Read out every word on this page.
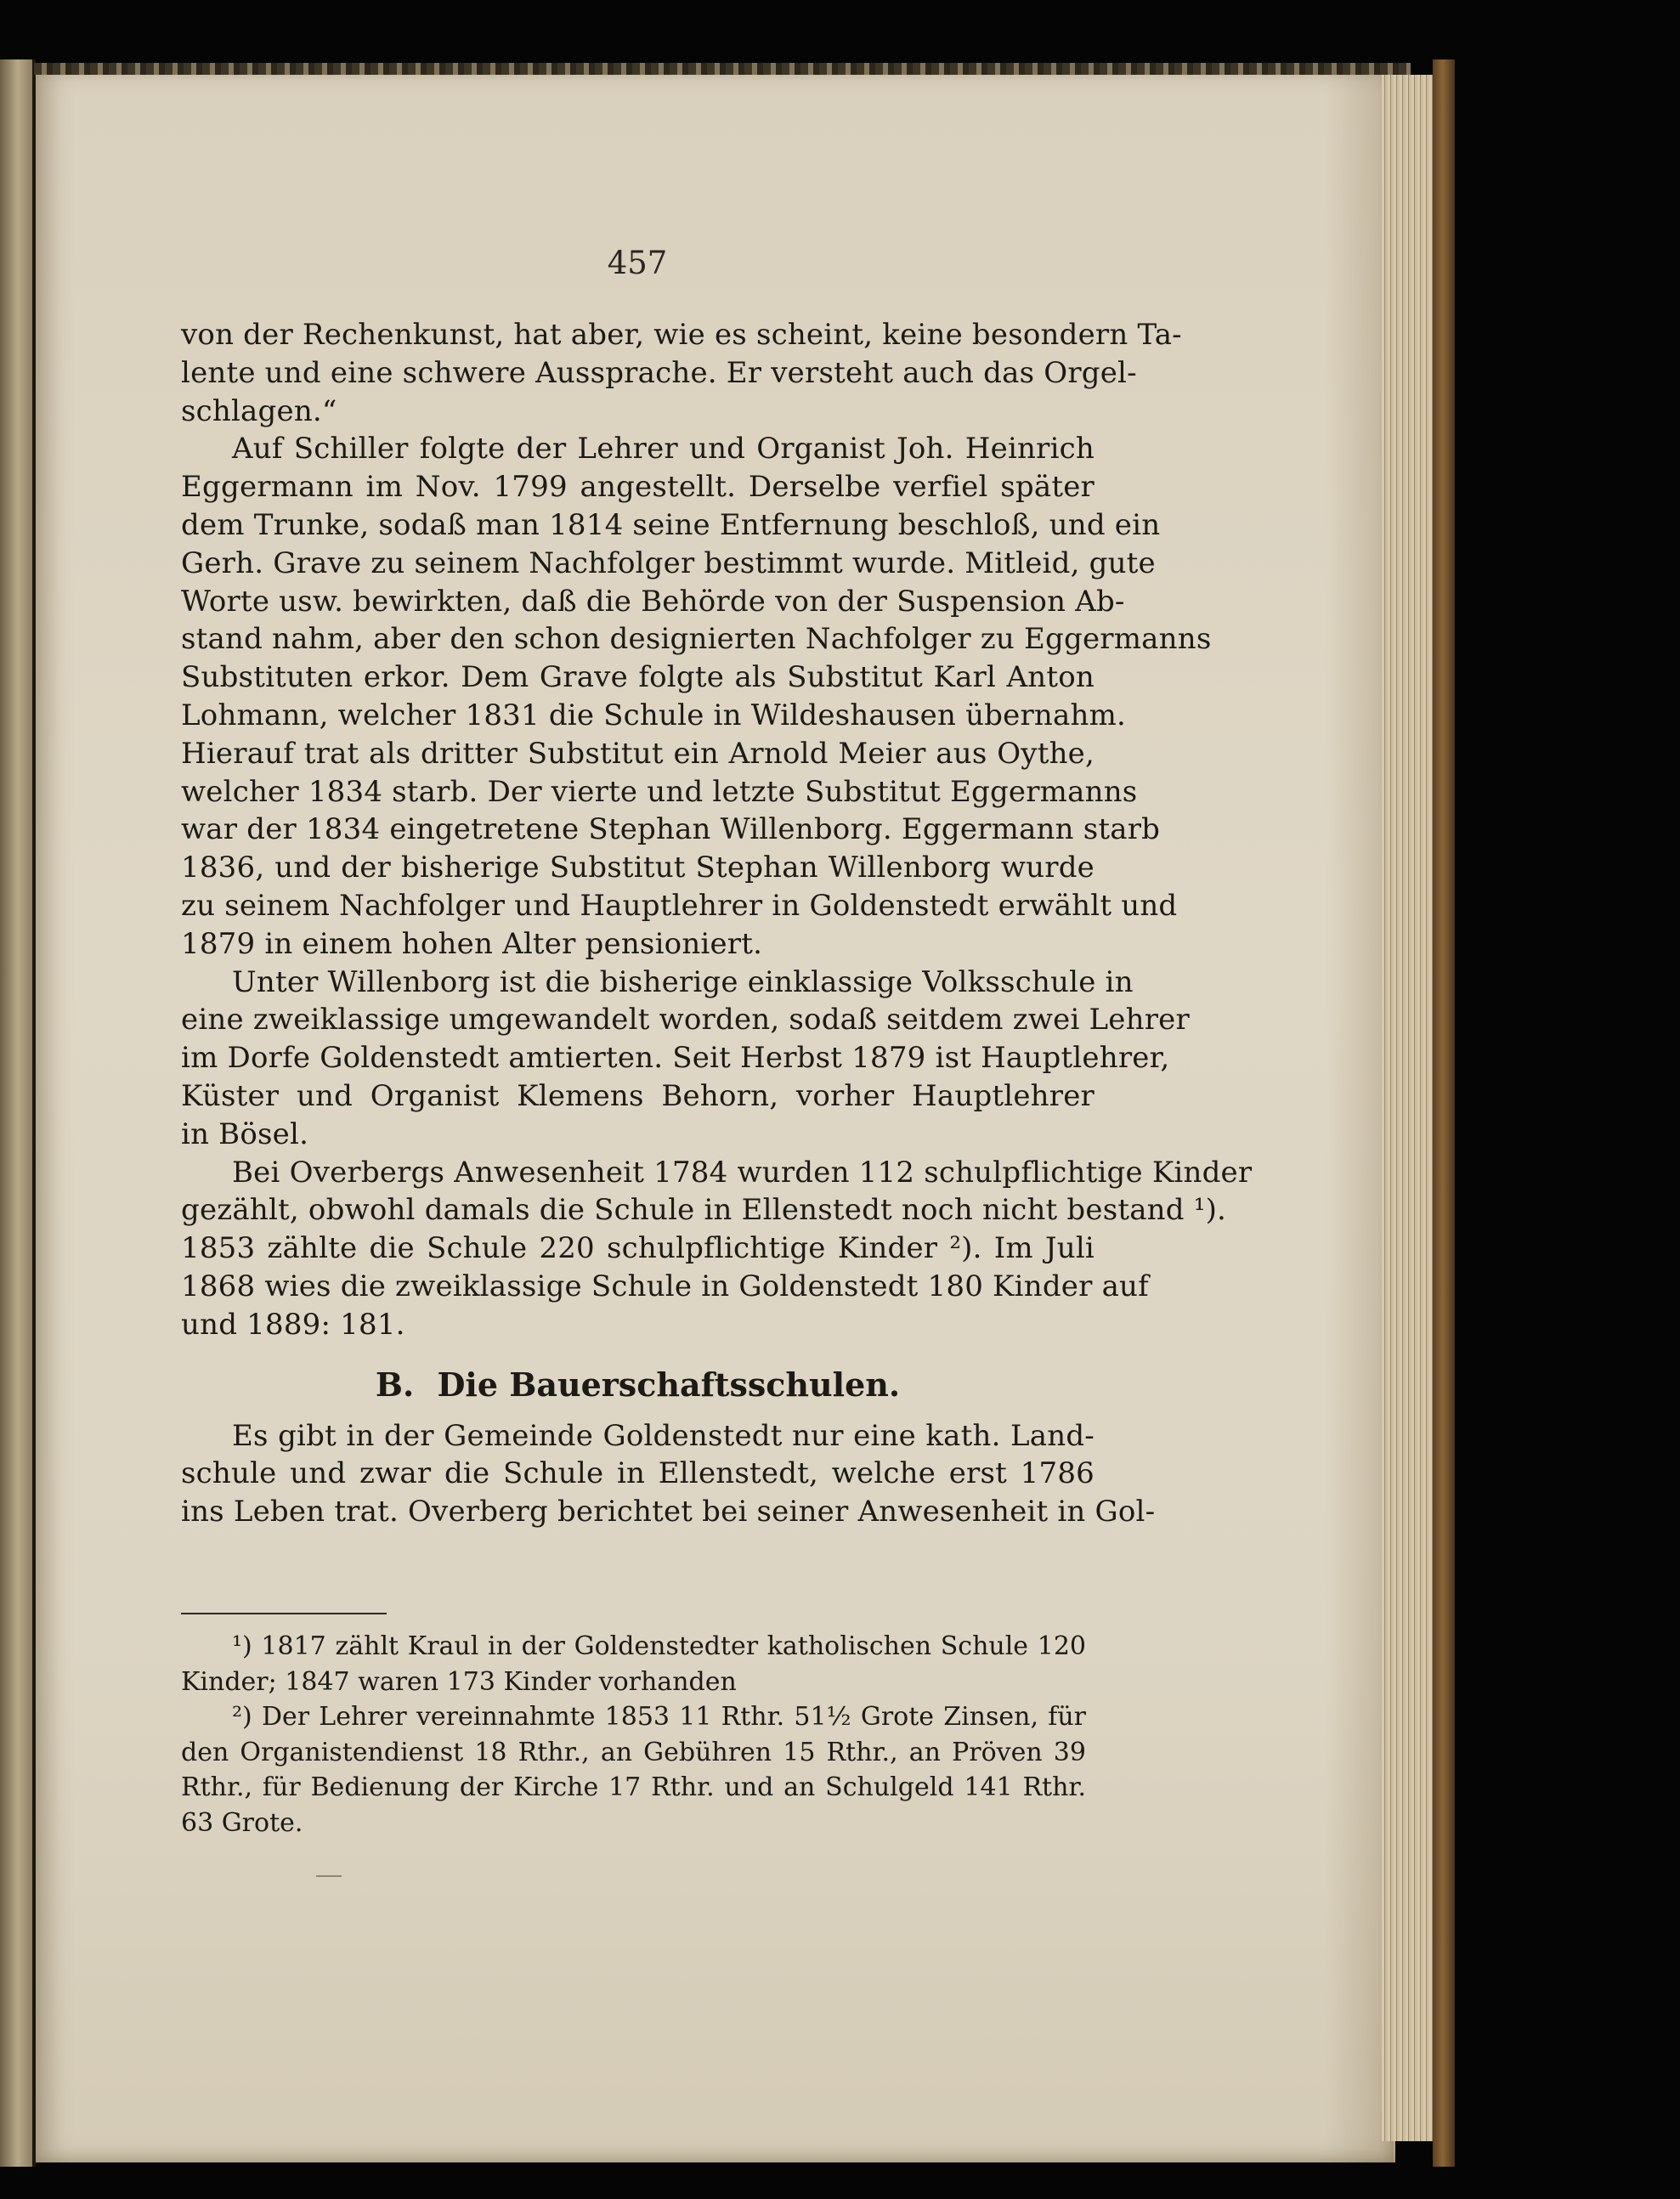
457
von der Rechenkunst, hat aber, wie es scheint, keine besondern Ta-
lente und eine schwere Aussprache. Er versteht auch das Orgel-
schlagen.“
Auf Schiller folgte der Lehrer und Organist Joh. Heinrich
Eggermann im Nov. 1799 angestellt. Derselbe verfiel später
dem Trunke, sodaß man 1814 seine Entfernung beschloß, und ein
Gerh. Grave zu seinem Nachfolger bestimmt wurde. Mitleid, gute
Worte usw. bewirkten, daß die Behörde von der Suspension Ab-
stand nahm, aber den schon designierten Nachfolger zu Eggermanns
Substituten erkor. Dem Grave folgte als Substitut Karl Anton
Lohmann, welcher 1831 die Schule in Wildeshausen übernahm.
Hierauf trat als dritter Substitut ein Arnold Meier aus Oythe,
welcher 1834 starb. Der vierte und letzte Substitut Eggermanns
war der 1834 eingetretene Stephan Willenborg. Eggermann starb
1836, und der bisherige Substitut Stephan Willenborg wurde
zu seinem Nachfolger und Hauptlehrer in Goldenstedt erwählt und
1879 in einem hohen Alter pensioniert.
Unter Willenborg ist die bisherige einklassige Volksschule in
eine zweiklassige umgewandelt worden, sodaß seitdem zwei Lehrer
im Dorfe Goldenstedt amtierten. Seit Herbst 1879 ist Hauptlehrer,
Küster und Organist Klemens Behorn, vorher Hauptlehrer
in Bösel.
Bei Overbergs Anwesenheit 1784 wurden 112 schulpflichtige Kinder
gezählt, obwohl damals die Schule in Ellenstedt noch nicht bestand ¹).
1853 zählte die Schule 220 schulpflichtige Kinder ²). Im Juli
1868 wies die zweiklassige Schule in Goldenstedt 180 Kinder auf
und 1889: 181.
B. Die Bauerschaftsschulen.
Es gibt in der Gemeinde Goldenstedt nur eine kath. Land-
schule und zwar die Schule in Ellenstedt, welche erst 1786
ins Leben trat. Overberg berichtet bei seiner Anwesenheit in Gol-
¹) 1817 zählt Kraul in der Goldenstedter katholischen Schule 120
Kinder; 1847 waren 173 Kinder vorhanden
²) Der Lehrer vereinnahmte 1853 11 Rthr. 51½ Grote Zinsen, für
den Organistendienst 18 Rthr., an Gebühren 15 Rthr., an Pröven 39
Rthr., für Bedienung der Kirche 17 Rthr. und an Schulgeld 141 Rthr.
63 Grote.
